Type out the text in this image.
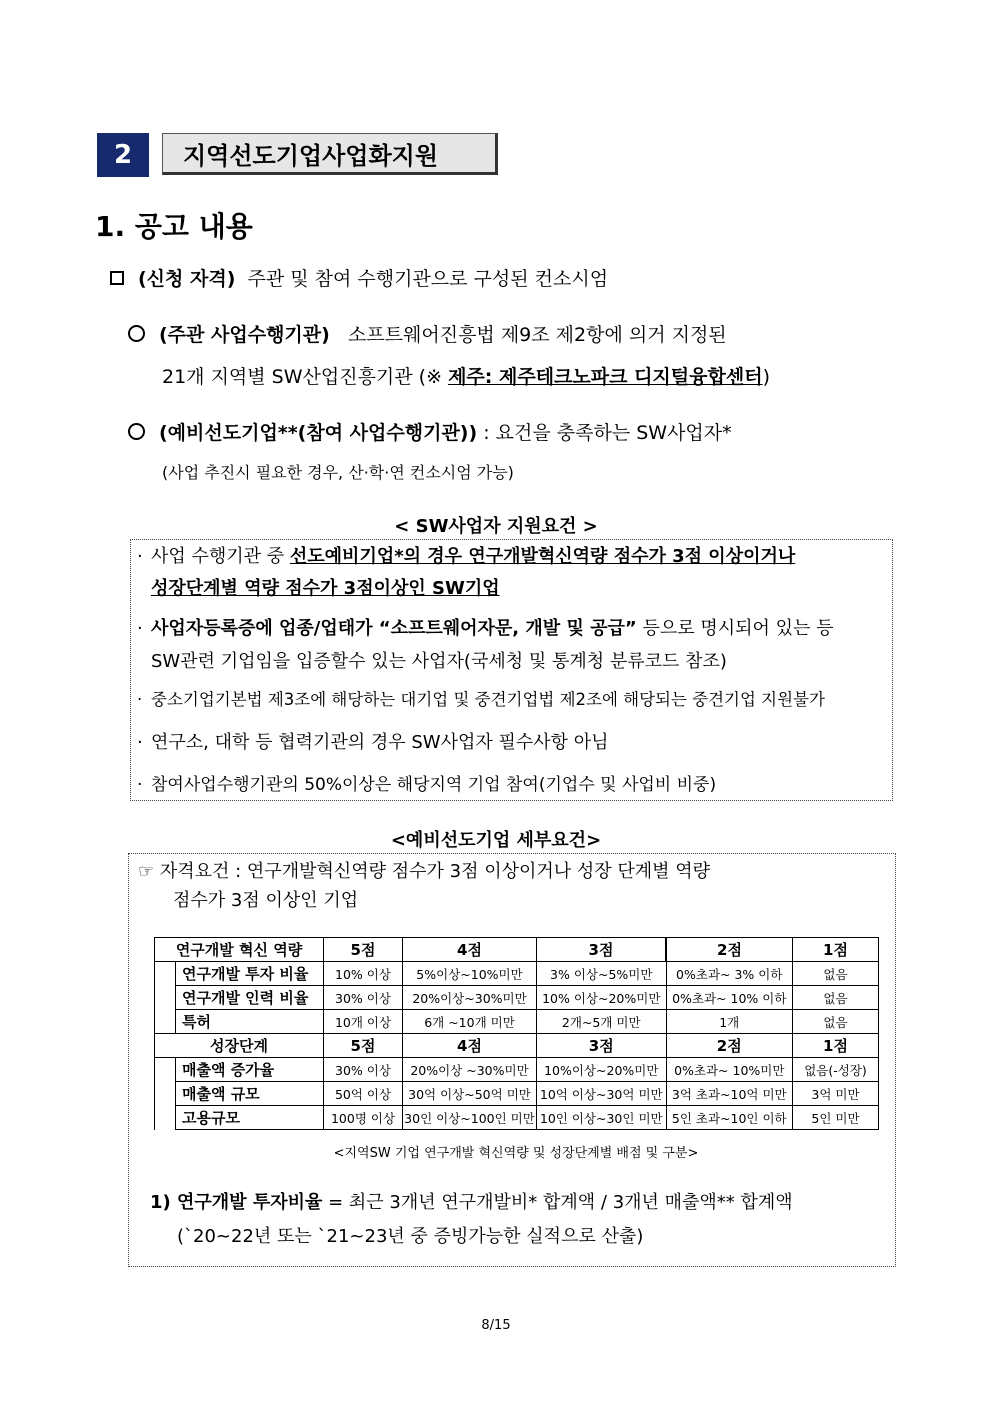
2	지역선도기업사업화지원
1. 공고 내용
(신청 자격) 주관 및 참여 수행기관으로 구성된 컨소시엄
(주관 사업수행기관) 소프트웨어진흥법 제9조 제2항에 의거 지정된
21개 지역별 SW산업진흥기관 (※ 제주: 제주테크노파크 디지털융합센터)
(예비선도기업**(참여 사업수행기관)) : 요건을 충족하는 SW사업자*
(사업 추진시 필요한 경우, 산·학·연 컨소시엄 가능)
< SW사업자 지원요건 >
· 사업 수행기관 중 선도예비기업*의 경우 연구개발혁신역량 점수가 3점 이상이거나
성장단계별 역량 점수가 3점이상인 SW기업
· 사업자등록증에 업종/업태가 “소프트웨어자문, 개발 및 공급” 등으로 명시되어 있는 등
SW관련 기업임을 입증할수 있는 사업자(국세청 및 통계청 분류코드 참조)
· 중소기업기본법 제3조에 해당하는 대기업 및 중견기업법 제2조에 해당되는 중견기업 지원불가
· 연구소, 대학 등 협력기관의 경우 SW사업자 필수사항 아님
· 참여사업수행기관의 50%이상은 해당지역 기업 참여(기업수 및 사업비 비중)
<예비선도기업 세부요건>
☞ 자격요건 : 연구개발혁신역량 점수가 3점 이상이거나 성장 단계별 역량
점수가 3점 이상인 기업
연구개발 혁신 역량		5점	4점	3점	2점	1점
	연구개발 투자 비율	10% 이상	5%이상~10%미만	3% 이상~5%미만	0%초과~ 3% 이하	없음
	연구개발 인력 비율	30% 이상	20%이상~30%미만	10% 이상~20%미만	0%초과~ 10% 이하	없음
	특허	10개 이상	6개 ~10개 미만	2개~5개 미만	1개	없음
성장단계		5점	4점	3점	2점	1점
	매출액 증가율	30% 이상	20%이상 ~30%미만	10%이상~20%미만	0%초과~ 10%미만	없음(-성장)
	매출액 규모	50억 이상	30억 이상~50억 미만	10억 이상~30억 미만	3억 초과~10억 미만	3억 미만
	고용규모	100명 이상	30인 이상~100인 미만	10인 이상~30인 미만	5인 초과~10인 이하	5인 미만
<지역SW 기업 연구개발 혁신역량 및 성장단계별 배점 및 구분>
1) 연구개발 투자비율 = 최근 3개년 연구개발비* 합계액 / 3개년 매출액** 합계액
(`20~22년 또는 `21~23년 중 증빙가능한 실적으로 산출)
8/15
